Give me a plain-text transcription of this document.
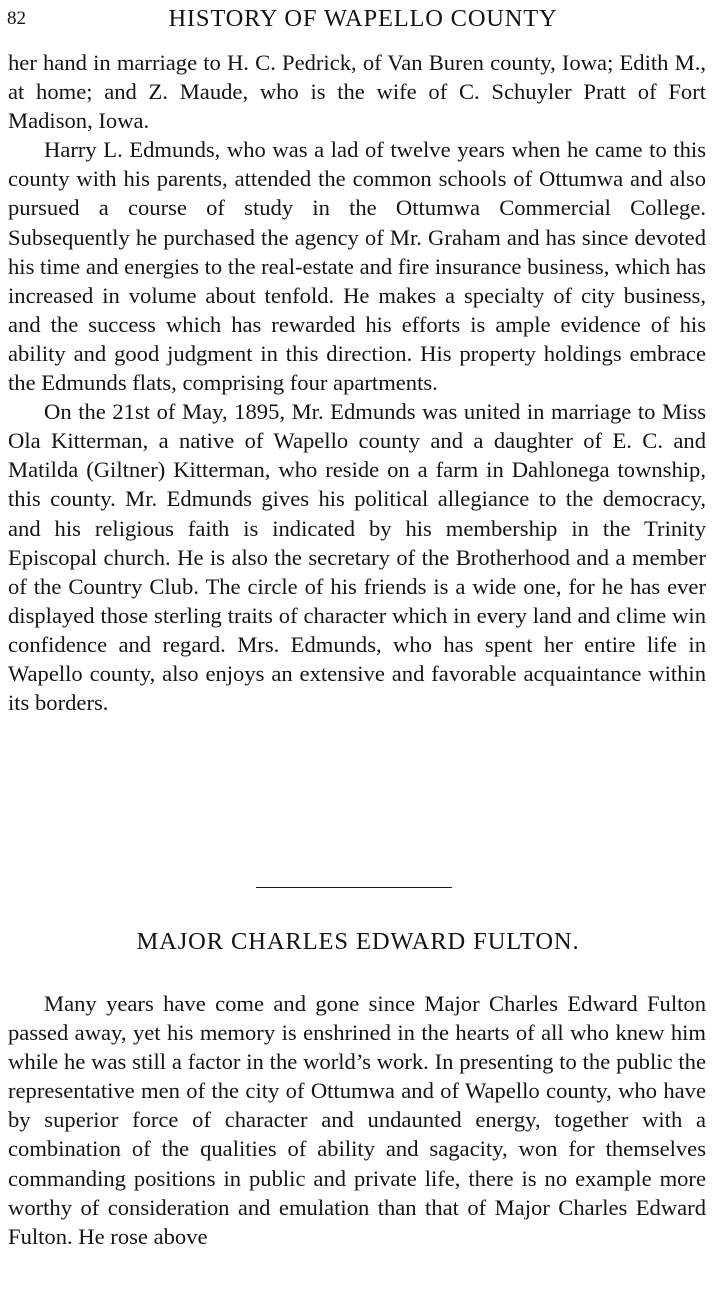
82	HISTORY OF WAPELLO COUNTY

her hand in marriage to H. C. Pedrick, of Van Buren county, Iowa; Edith M., at home; and Z. Maude, who is the wife of C. Schuyler Pratt of Fort Madison, Iowa.

Harry L. Edmunds, who was a lad of twelve years when he came to this county with his parents, attended the common schools of Ottumwa and also pursued a course of study in the Ottumwa Commercial College. Subsequently he purchased the agency of Mr. Graham and has since devoted his time and energies to the real-estate and fire insurance business, which has increased in volume about tenfold. He makes a specialty of city business, and the success which has rewarded his efforts is ample evidence of his ability and good judgment in this direction. His property holdings embrace the Edmunds flats, comprising four apartments.

On the 21st of May, 1895, Mr. Edmunds was united in marriage to Miss Ola Kitterman, a native of Wapello county and a daughter of E. C. and Matilda (Giltner) Kitterman, who reside on a farm in Dahlonega township, this county. Mr. Edmunds gives his political allegiance to the democracy, and his religious faith is indicated by his membership in the Trinity Episcopal church. He is also the secretary of the Brotherhood and a member of the Country Club. The circle of his friends is a wide one, for he has ever displayed those sterling traits of character which in every land and clime win confidence and regard. Mrs. Edmunds, who has spent her entire life in Wapello county, also enjoys an extensive and favorable acquaintance within its borders.

MAJOR CHARLES EDWARD FULTON.

Many years have come and gone since Major Charles Edward Fulton passed away, yet his memory is enshrined in the hearts of all who knew him while he was still a factor in the world’s work. In presenting to the public the representative men of the city of Ottumwa and of Wapello county, who have by superior force of character and undaunted energy, together with a combination of the qualities of ability and sagacity, won for themselves commanding positions in public and private life, there is no example more worthy of consideration and emulation than that of Major Charles Edward Fulton. He rose above
